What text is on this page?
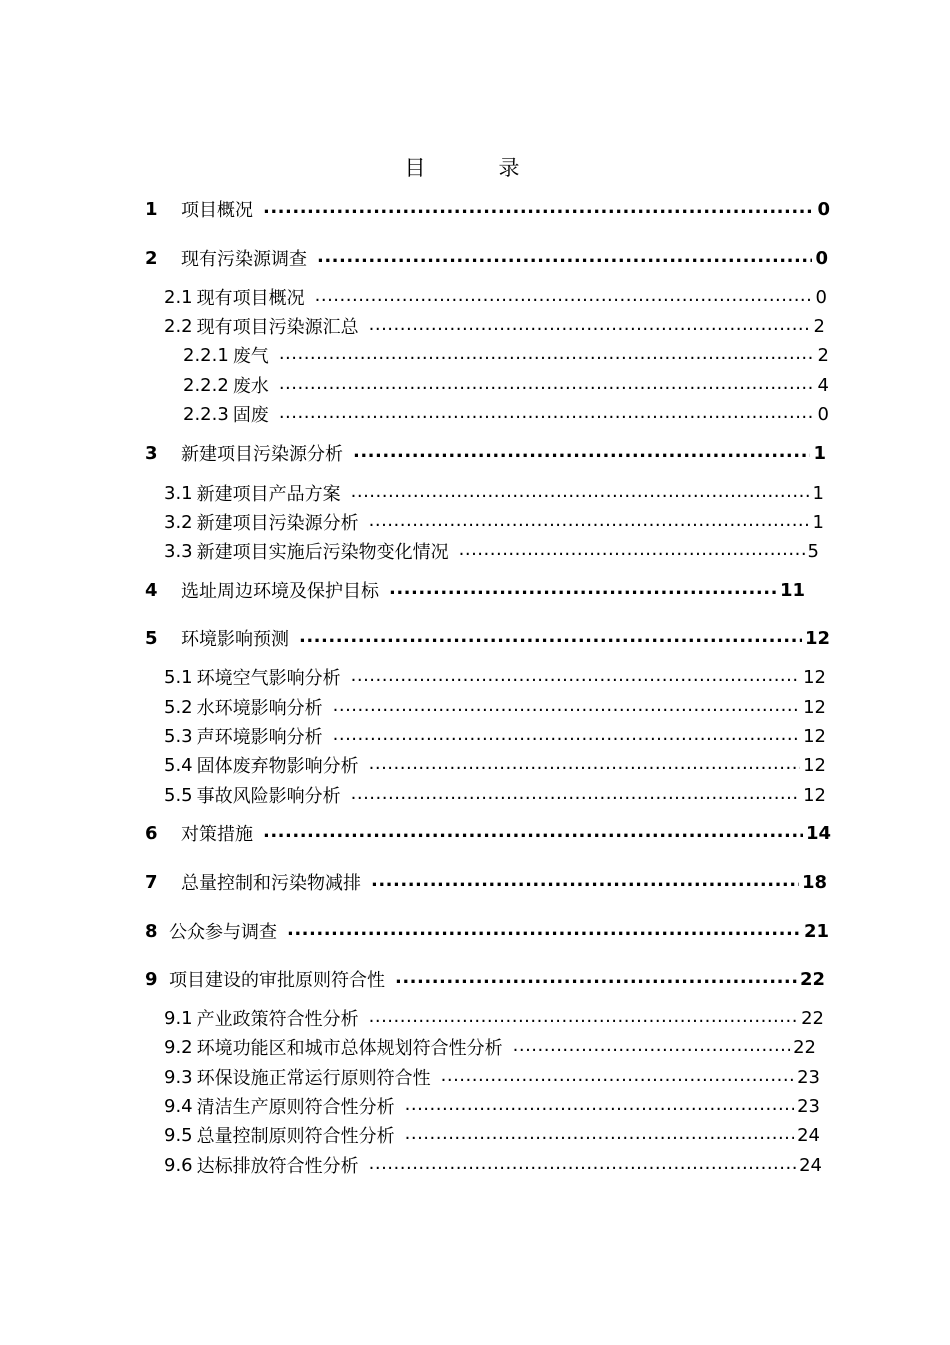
目　录
1	项目概况 .....	0
2	现有污染源调查 .....	0
2.1 现有项目概况 .....	0
2.2 现有项目污染源汇总 .....	2
2.2.1 废气 .....	2
2.2.2 废水 .....	4
2.2.3 固废 .....	0
3	新建项目污染源分析 .....	1
3.1 新建项目产品方案 .....	1
3.2 新建项目污染源分析 .....	1
3.3 新建项目实施后污染物变化情况 .....	5
4	选址周边环境及保护目标 .....	11
5	环境影响预测 .....	12
5.1 环境空气影响分析 .....	12
5.2 水环境影响分析 .....	12
5.3 声环境影响分析 .....	12
5.4 固体废弃物影响分析 .....	12
5.5 事故风险影响分析 .....	12
6	对策措施 .....	14
7	总量控制和污染物减排 .....	18
8 公众参与调查 .....	21
9 项目建设的审批原则符合性 .....	22
9.1 产业政策符合性分析 .....	22
9.2 环境功能区和城市总体规划符合性分析 .....	22
9.3 环保设施正常运行原则符合性 .....	23
9.4 清洁生产原则符合性分析 .....	23
9.5 总量控制原则符合性分析 .....	24
9.6 达标排放符合性分析 .....	24
